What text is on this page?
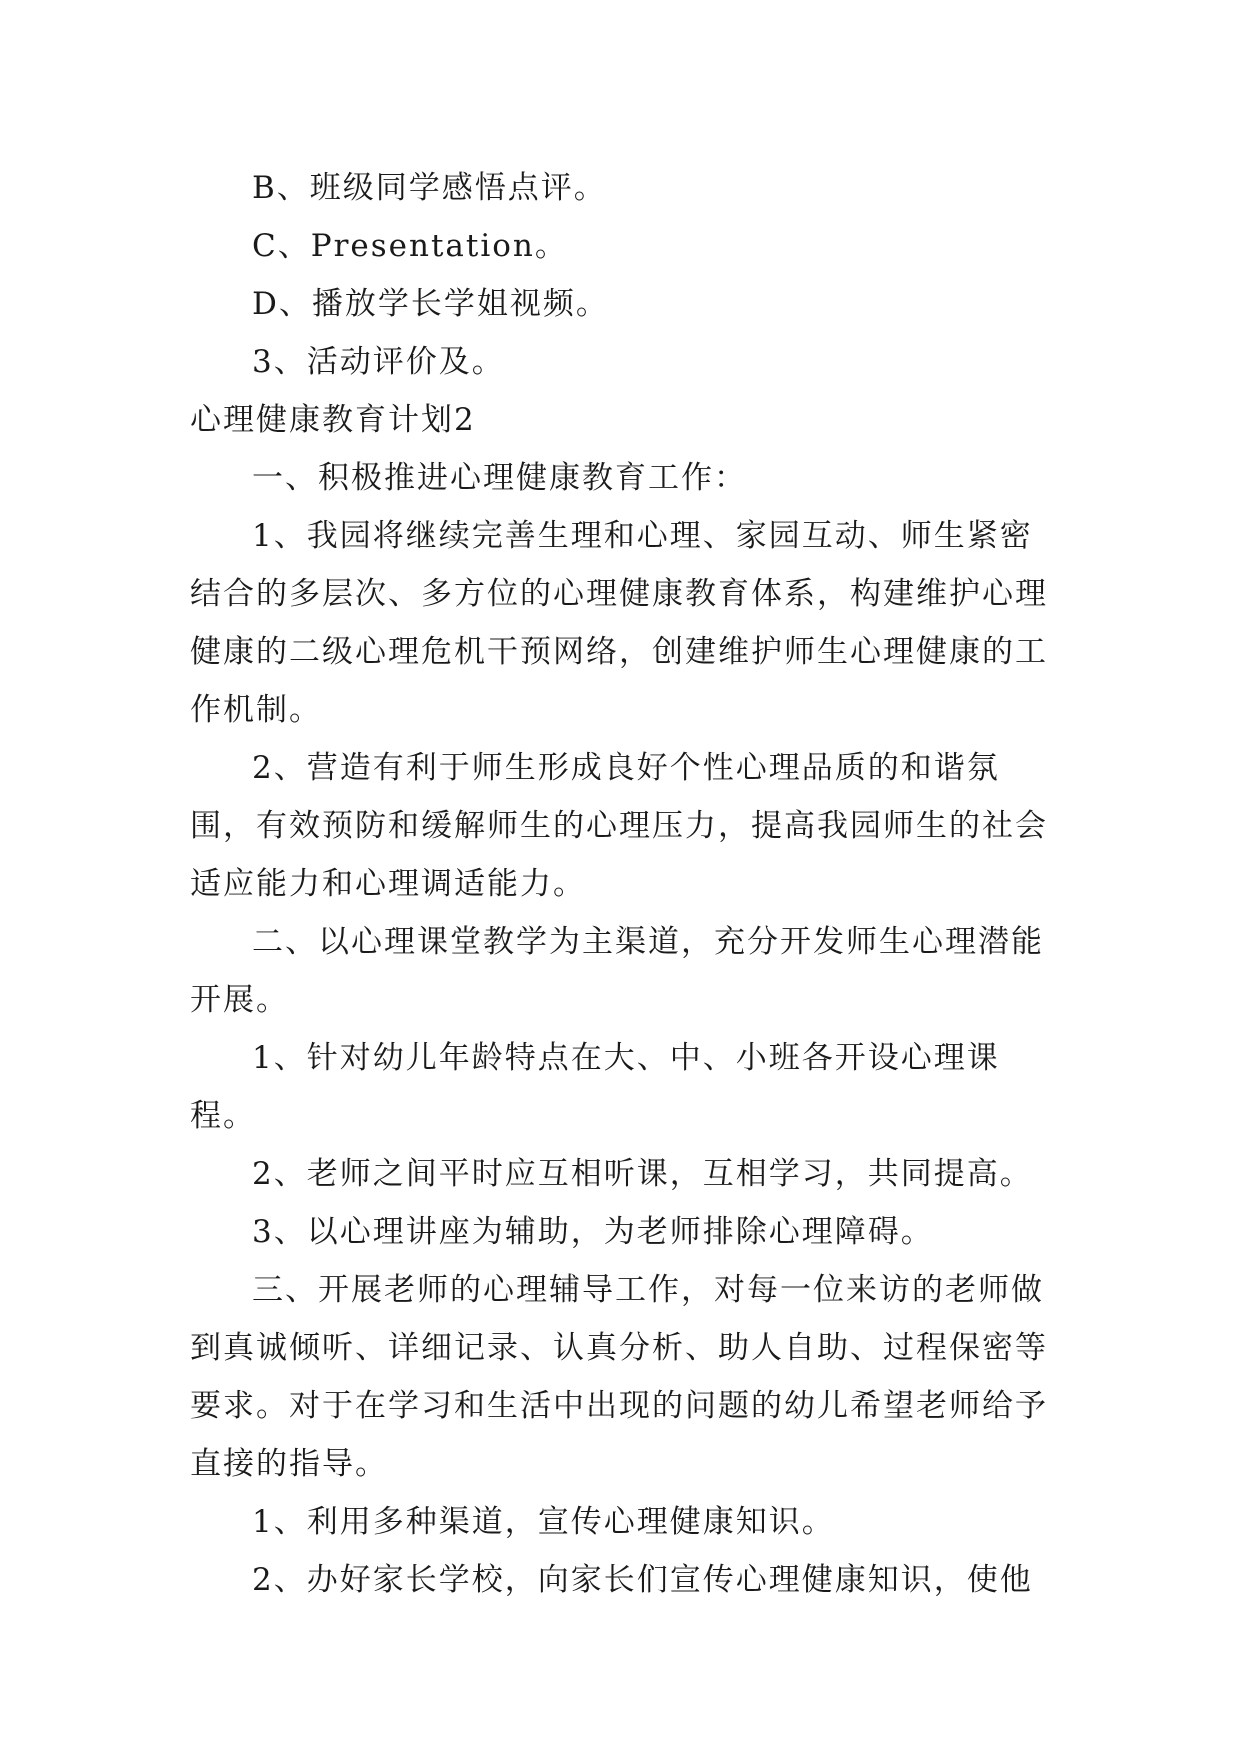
B、班级同学感悟点评。

C、Presentation。

D、播放学长学姐视频。

3、活动评价及。

心理健康教育计划2

一、积极推进心理健康教育工作：

1、我园将继续完善生理和心理、家园互动、师生紧密结合的多层次、多方位的心理健康教育体系，构建维护心理健康的二级心理危机干预网络，创建维护师生心理健康的工作机制。

2、营造有利于师生形成良好个性心理品质的和谐氛围，有效预防和缓解师生的心理压力，提高我园师生的社会适应能力和心理调适能力。

二、以心理课堂教学为主渠道，充分开发师生心理潜能开展。

1、针对幼儿年龄特点在大、中、小班各开设心理课程。

2、老师之间平时应互相听课，互相学习，共同提高。

3、以心理讲座为辅助，为老师排除心理障碍。

三、开展老师的心理辅导工作，对每一位来访的老师做到真诚倾听、详细记录、认真分析、助人自助、过程保密等要求。对于在学习和生活中出现的问题的幼儿希望老师给予直接的指导。

1、利用多种渠道，宣传心理健康知识。

2、办好家长学校，向家长们宣传心理健康知识，使他
